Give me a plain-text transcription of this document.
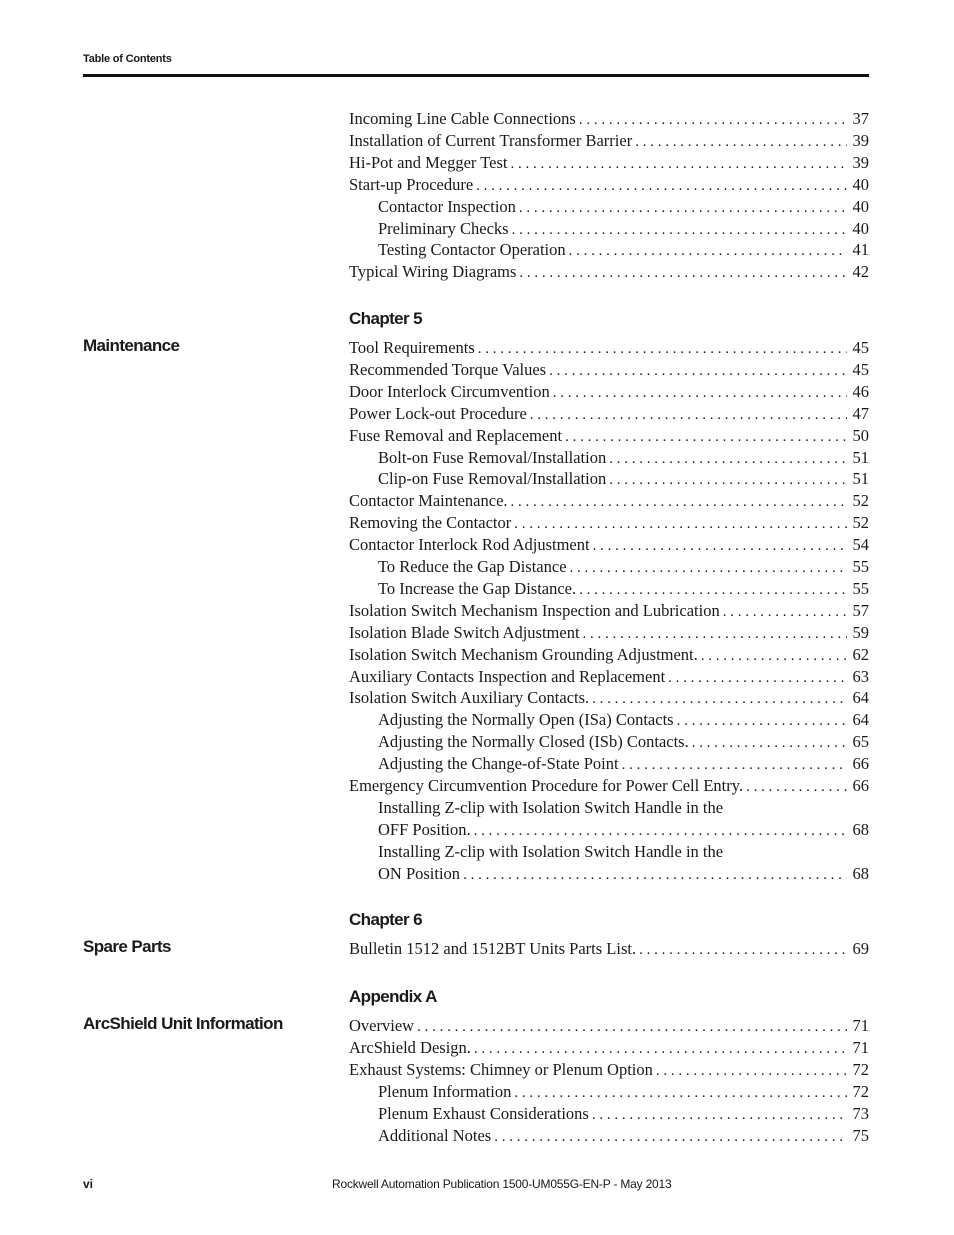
Table of Contents
Incoming Line Cable Connections . . .	37
Installation of Current Transformer Barrier . . .	39
Hi-Pot and Megger Test . . .	39
Start-up Procedure . . .	40
Contactor Inspection . . .	40
Preliminary Checks . . .	40
Testing Contactor Operation . . .	41
Typical Wiring Diagrams . . .	42
Chapter 5
Maintenance	Tool Requirements . . .	45
Recommended Torque Values . . .	45
Door Interlock Circumvention . . .	46
Power Lock-out Procedure . . .	47
Fuse Removal and Replacement . . .	50
Bolt-on Fuse Removal/Installation . . .	51
Clip-on Fuse Removal/Installation . . .	51
Contactor Maintenance. . . .	52
Removing the Contactor . . .	52
Contactor Interlock Rod Adjustment . . .	54
To Reduce the Gap Distance . . .	55
To Increase the Gap Distance. . . .	55
Isolation Switch Mechanism Inspection and Lubrication . . .	57
Isolation Blade Switch Adjustment . . .	59
Isolation Switch Mechanism Grounding Adjustment. . . .	62
Auxiliary Contacts Inspection and Replacement . . .	63
Isolation Switch Auxiliary Contacts. . . .	64
Adjusting the Normally Open (ISa) Contacts . . .	64
Adjusting the Normally Closed (ISb) Contacts. . . .	65
Adjusting the Change-of-State Point . . .	66
Emergency Circumvention Procedure for Power Cell Entry. . . .	66
Installing Z-clip with Isolation Switch Handle in the
OFF Position. . . .	68
Installing Z-clip with Isolation Switch Handle in the
ON Position . . .	68
Chapter 6
Spare Parts	Bulletin 1512 and 1512BT Units Parts List. . . .	69
Appendix A
ArcShield Unit Information	Overview . . .	71
ArcShield Design. . . .	71
Exhaust Systems: Chimney or Plenum Option . . .	72
Plenum Information . . .	72
Plenum Exhaust Considerations . . .	73
Additional Notes . . .	75
vi	Rockwell Automation Publication 1500-UM055G-EN-P - May 2013
